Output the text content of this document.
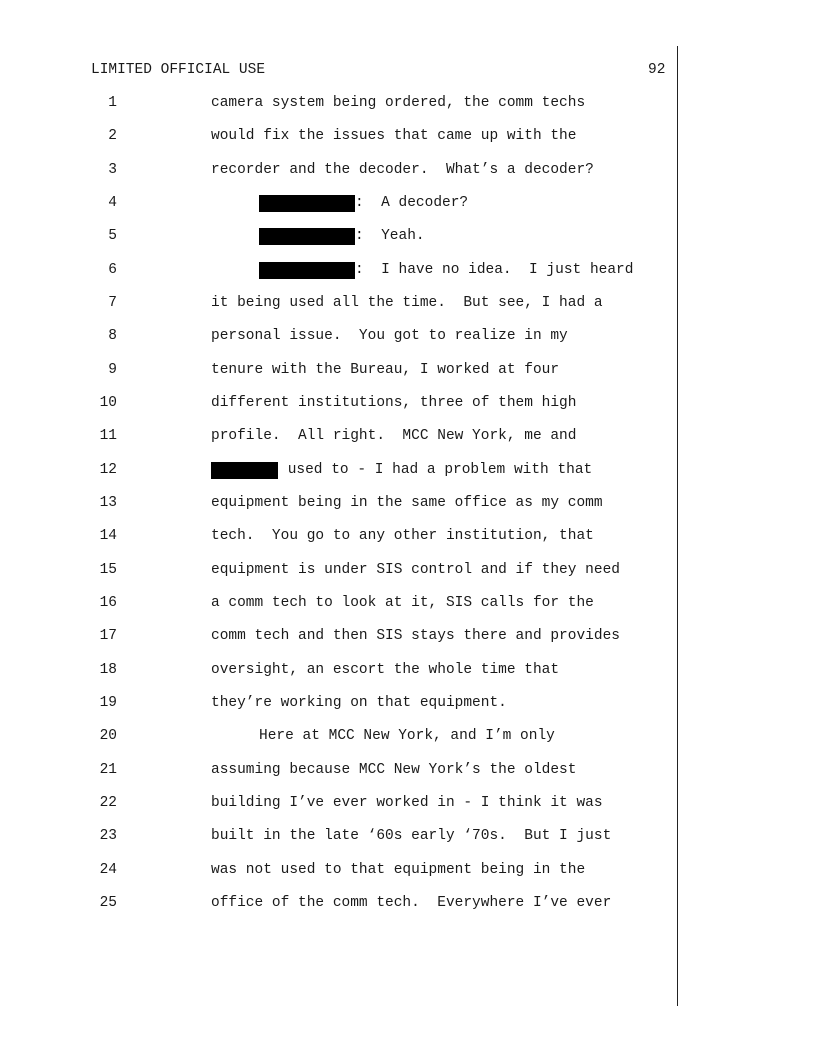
LIMITED OFFICIAL USE	92

1

	camera system being ordered, the comm techs

2

	would fix the issues that came up with the

3

	recorder and the decoder.  What’s a decoder?

4

	:  A decoder?

5

	:  Yeah.

6

	:  I have no idea.  I just heard

7

	it being used all the time.  But see, I had a

8

	personal issue.  You got to realize in my

9

	tenure with the Bureau, I worked at four

10

	different institutions, three of them high

11

	profile.  All right.  MCC New York, me and

12

	used to - I had a problem with that

13

	equipment being in the same office as my comm

14

	tech.  You go to any other institution, that

15

	equipment is under SIS control and if they need

16

	a comm tech to look at it, SIS calls for the

17

	comm tech and then SIS stays there and provides

18

	oversight, an escort the whole time that

19

	they’re working on that equipment.

20

	Here at MCC New York, and I’m only

21

	assuming because MCC New York’s the oldest

22

	building I’ve ever worked in - I think it was

23

	built in the late ‘60s early ‘70s.  But I just

24

	was not used to that equipment being in the

25

	office of the comm tech.  Everywhere I’ve ever
